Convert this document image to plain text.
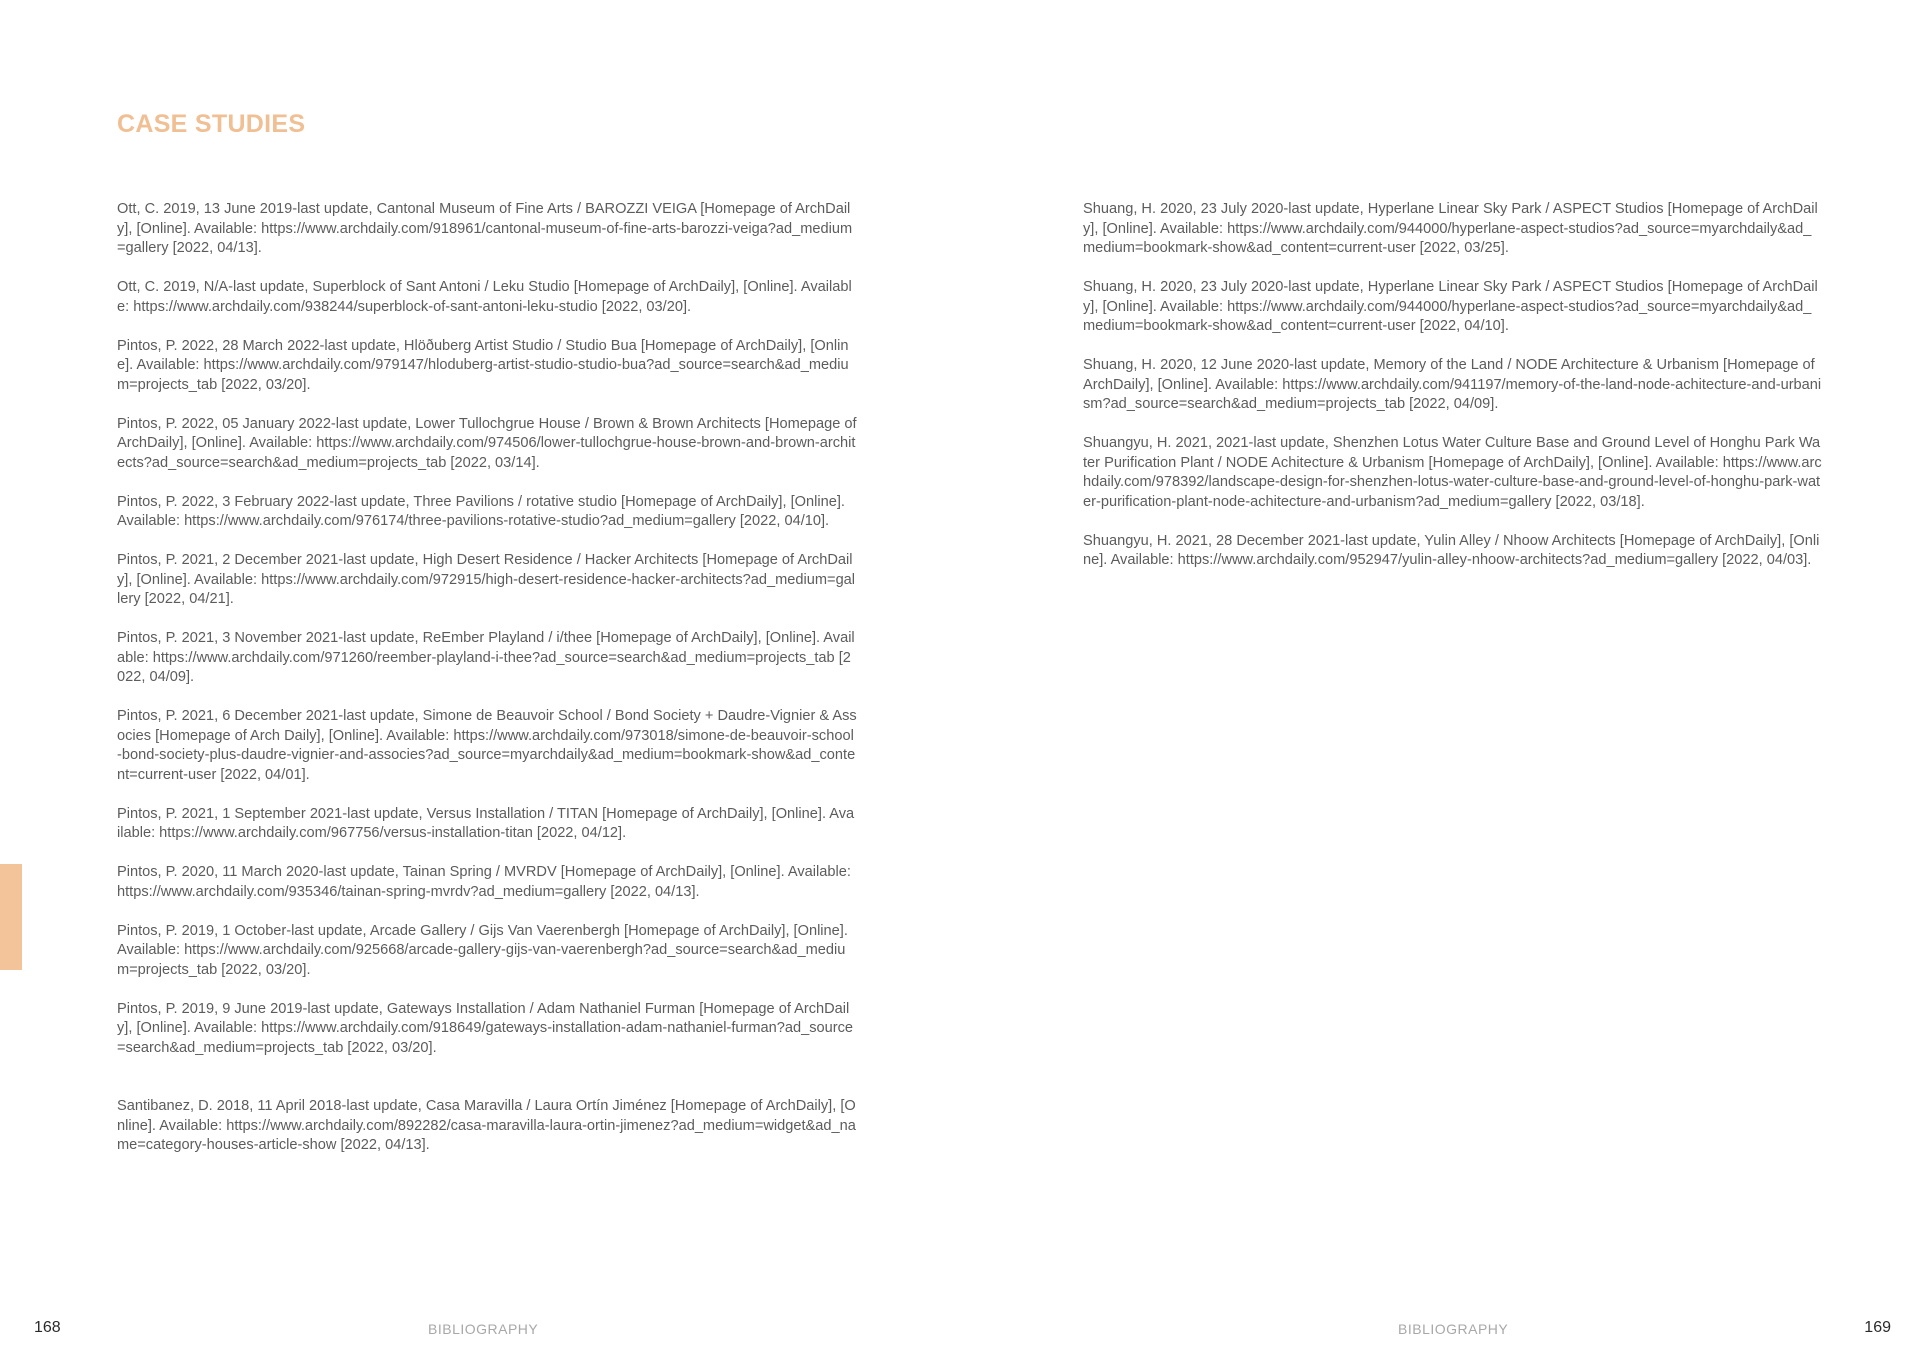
CASE STUDIES
Ott, C. 2019, 13 June 2019-last update, Cantonal Museum of Fine Arts / BAROZZI VEIGA [Homepage of ArchDaily], [Online]. Available: https://www.archdaily.com/918961/cantonal-museum-of-fine-arts-barozzi-veiga?ad_medium=gallery [2022, 04/13].
Ott, C. 2019, N/A-last update, Superblock of Sant Antoni / Leku Studio [Homepage of ArchDaily], [Online]. Available: https://www.archdaily.com/938244/superblock-of-sant-antoni-leku-studio [2022, 03/20].
Pintos, P. 2022, 28 March 2022-last update, Hlöðuberg Artist Studio / Studio Bua [Homepage of ArchDaily], [Online]. Available: https://www.archdaily.com/979147/hloduberg-artist-studio-studio-bua?ad_source=search&ad_medium=projects_tab [2022, 03/20].
Pintos, P. 2022, 05 January 2022-last update, Lower Tullochgrue House / Brown & Brown Architects [Homepage of ArchDaily], [Online]. Available: https://www.archdaily.com/974506/lower-tullochgrue-house-brown-and-brown-architects?ad_source=search&ad_medium=projects_tab [2022, 03/14].
Pintos, P. 2022, 3 February 2022-last update, Three Pavilions / rotative studio [Homepage of ArchDaily], [Online]. Available: https://www.archdaily.com/976174/three-pavilions-rotative-studio?ad_medium=gallery [2022, 04/10].
Pintos, P. 2021, 2 December 2021-last update, High Desert Residence / Hacker Architects [Homepage of ArchDaily], [Online]. Available: https://www.archdaily.com/972915/high-desert-residence-hacker-architects?ad_medium=gallery [2022, 04/21].
Pintos, P. 2021, 3 November 2021-last update, ReEmber Playland / i/thee [Homepage of ArchDaily], [Online]. Available: https://www.archdaily.com/971260/reember-playland-i-thee?ad_source=search&ad_medium=projects_tab [2022, 04/09].
Pintos, P. 2021, 6 December 2021-last update, Simone de Beauvoir School / Bond Society + Daudre-Vignier & Associes [Homepage of Arch Daily], [Online]. Available: https://www.archdaily.com/973018/simone-de-beauvoir-school-bond-society-plus-daudre-vignier-and-associes?ad_source=myarchdaily&ad_medium=bookmark-show&ad_content=current-user [2022, 04/01].
Pintos, P. 2021, 1 September 2021-last update, Versus Installation / TITAN [Homepage of ArchDaily], [Online]. Available: https://www.archdaily.com/967756/versus-installation-titan [2022, 04/12].
Pintos, P. 2020, 11 March 2020-last update, Tainan Spring / MVRDV [Homepage of ArchDaily], [Online]. Available: https://www.archdaily.com/935346/tainan-spring-mvrdv?ad_medium=gallery [2022, 04/13].
Pintos, P. 2019, 1 October-last update, Arcade Gallery / Gijs Van Vaerenbergh [Homepage of ArchDaily], [Online]. Available: https://www.archdaily.com/925668/arcade-gallery-gijs-van-vaerenbergh?ad_source=search&ad_medium=projects_tab [2022, 03/20].
Pintos, P. 2019, 9 June 2019-last update, Gateways Installation / Adam Nathaniel Furman [Homepage of ArchDaily], [Online]. Available: https://www.archdaily.com/918649/gateways-installation-adam-nathaniel-furman?ad_source=search&ad_medium=projects_tab [2022, 03/20].
Santibanez, D. 2018, 11 April 2018-last update, Casa Maravilla / Laura Ortín Jiménez [Homepage of ArchDaily], [Online]. Available: https://www.archdaily.com/892282/casa-maravilla-laura-ortin-jimenez?ad_medium=widget&ad_name=category-houses-article-show [2022, 04/13].
168	BIBLIOGRAPHY
Shuang, H. 2020, 23 July 2020-last update, Hyperlane Linear Sky Park / ASPECT Studios [Homepage of ArchDaily], [Online]. Available: https://www.archdaily.com/944000/hyperlane-aspect-studios?ad_source=myarchdaily&ad_medium=bookmark-show&ad_content=current-user [2022, 03/25].
Shuang, H. 2020, 23 July 2020-last update, Hyperlane Linear Sky Park / ASPECT Studios [Homepage of ArchDaily], [Online]. Available: https://www.archdaily.com/944000/hyperlane-aspect-studios?ad_source=myarchdaily&ad_medium=bookmark-show&ad_content=current-user [2022, 04/10].
Shuang, H. 2020, 12 June 2020-last update, Memory of the Land / NODE Architecture & Urbanism [Homepage of ArchDaily], [Online]. Available: https://www.archdaily.com/941197/memory-of-the-land-node-achitecture-and-urbanism?ad_source=search&ad_medium=projects_tab [2022, 04/09].
Shuangyu, H. 2021, 2021-last update, Shenzhen Lotus Water Culture Base and Ground Level of Honghu Park Water Purification Plant / NODE Achitecture & Urbanism [Homepage of ArchDaily], [Online]. Available: https://www.archdaily.com/978392/landscape-design-for-shenzhen-lotus-water-culture-base-and-ground-level-of-honghu-park-water-purification-plant-node-achitecture-and-urbanism?ad_medium=gallery [2022, 03/18].
Shuangyu, H. 2021, 28 December 2021-last update, Yulin Alley / Nhoow Architects [Homepage of ArchDaily], [Online]. Available: https://www.archdaily.com/952947/yulin-alley-nhoow-architects?ad_medium=gallery [2022, 04/03].
BIBLIOGRAPHY	169
